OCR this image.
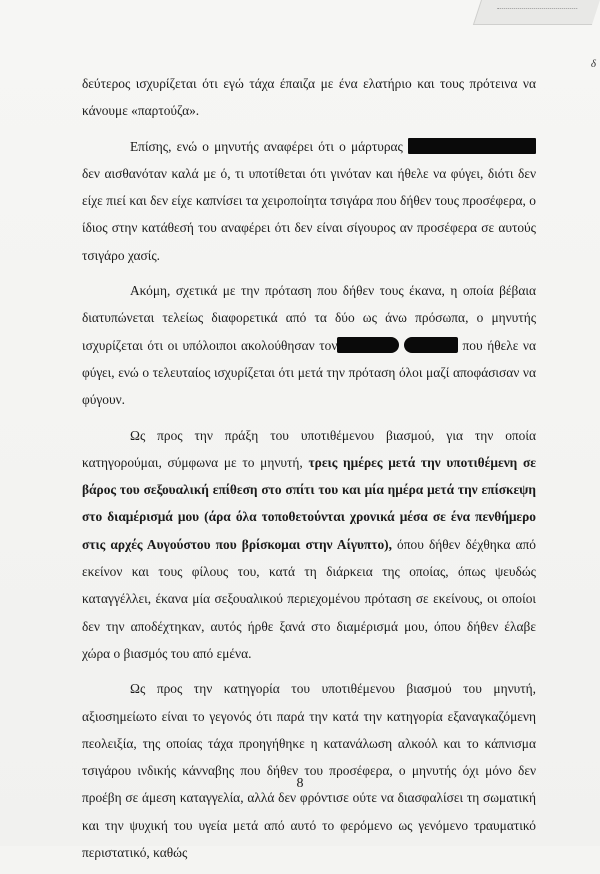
δ

δεύτερος ισχυρίζεται ότι εγώ τάχα έπαιζα με ένα ελατήριο και τους πρότεινα να κάνουμε «παρτούζα».

Επίσης, ενώ ο μηνυτής αναφέρει ότι ο μάρτυρας  δεν αισθανόταν καλά με ό, τι υποτίθεται ότι γινόταν και ήθελε να φύγει, διότι δεν είχε πιεί και δεν είχε καπνίσει τα χειροποίητα τσιγάρα που δήθεν τους προσέφερα, ο ίδιος στην κατάθεσή του αναφέρει ότι δεν είναι σίγουρος αν προσέφερα σε αυτούς τσιγάρο χασίς.

Ακόμη, σχετικά με την πρόταση που δήθεν τους έκανα, η οποία βέβαια διατυπώνεται τελείως διαφορετικά από τα δύο ως άνω πρόσωπα, ο μηνυτής ισχυρίζεται ότι οι υπόλοιποι ακολούθησαν τον	που ήθελε να φύγει, ενώ ο τελευταίος ισχυρίζεται ότι μετά την πρόταση όλοι μαζί αποφάσισαν να φύγουν.

Ως προς την πράξη του υποτιθέμενου βιασμού, για την οποία κατηγορούμαι, σύμφωνα με το μηνυτή, τρεις ημέρες μετά την υποτιθέμενη σε βάρος του σεξουαλική επίθεση στο σπίτι του και μία ημέρα μετά την επίσκεψη στο διαμέρισμά μου (άρα όλα τοποθετούνται χρονικά μέσα σε ένα πενθήμερο στις αρχές Αυγούστου που βρίσκομαι στην Αίγυπτο), όπου δήθεν δέχθηκα από εκείνον και τους φίλους του, κατά τη διάρκεια της οποίας, όπως ψευδώς καταγγέλλει, έκανα μία σεξουαλικού περιεχομένου πρόταση σε εκείνους, οι οποίοι δεν την αποδέχτηκαν, αυτός ήρθε ξανά στο διαμέρισμά μου, όπου δήθεν έλαβε χώρα ο βιασμός του από εμένα.

Ως προς την κατηγορία του υποτιθέμενου βιασμού του μηνυτή, αξιοσημείωτο είναι το γεγονός ότι παρά την κατά την κατηγορία εξαναγκαζόμενη πεολειξία, της οποίας τάχα προηγήθηκε η κατανάλωση αλκοόλ και το κάπνισμα τσιγάρου ινδικής κάνναβης που δήθεν του προσέφερα, ο μηνυτής όχι μόνο δεν προέβη σε άμεση καταγγελία, αλλά δεν φρόντισε ούτε να διασφαλίσει τη σωματική και την ψυχική του υγεία μετά από αυτό το φερόμενο ως γενόμενο τραυματικό περιστατικό, καθώς

8
